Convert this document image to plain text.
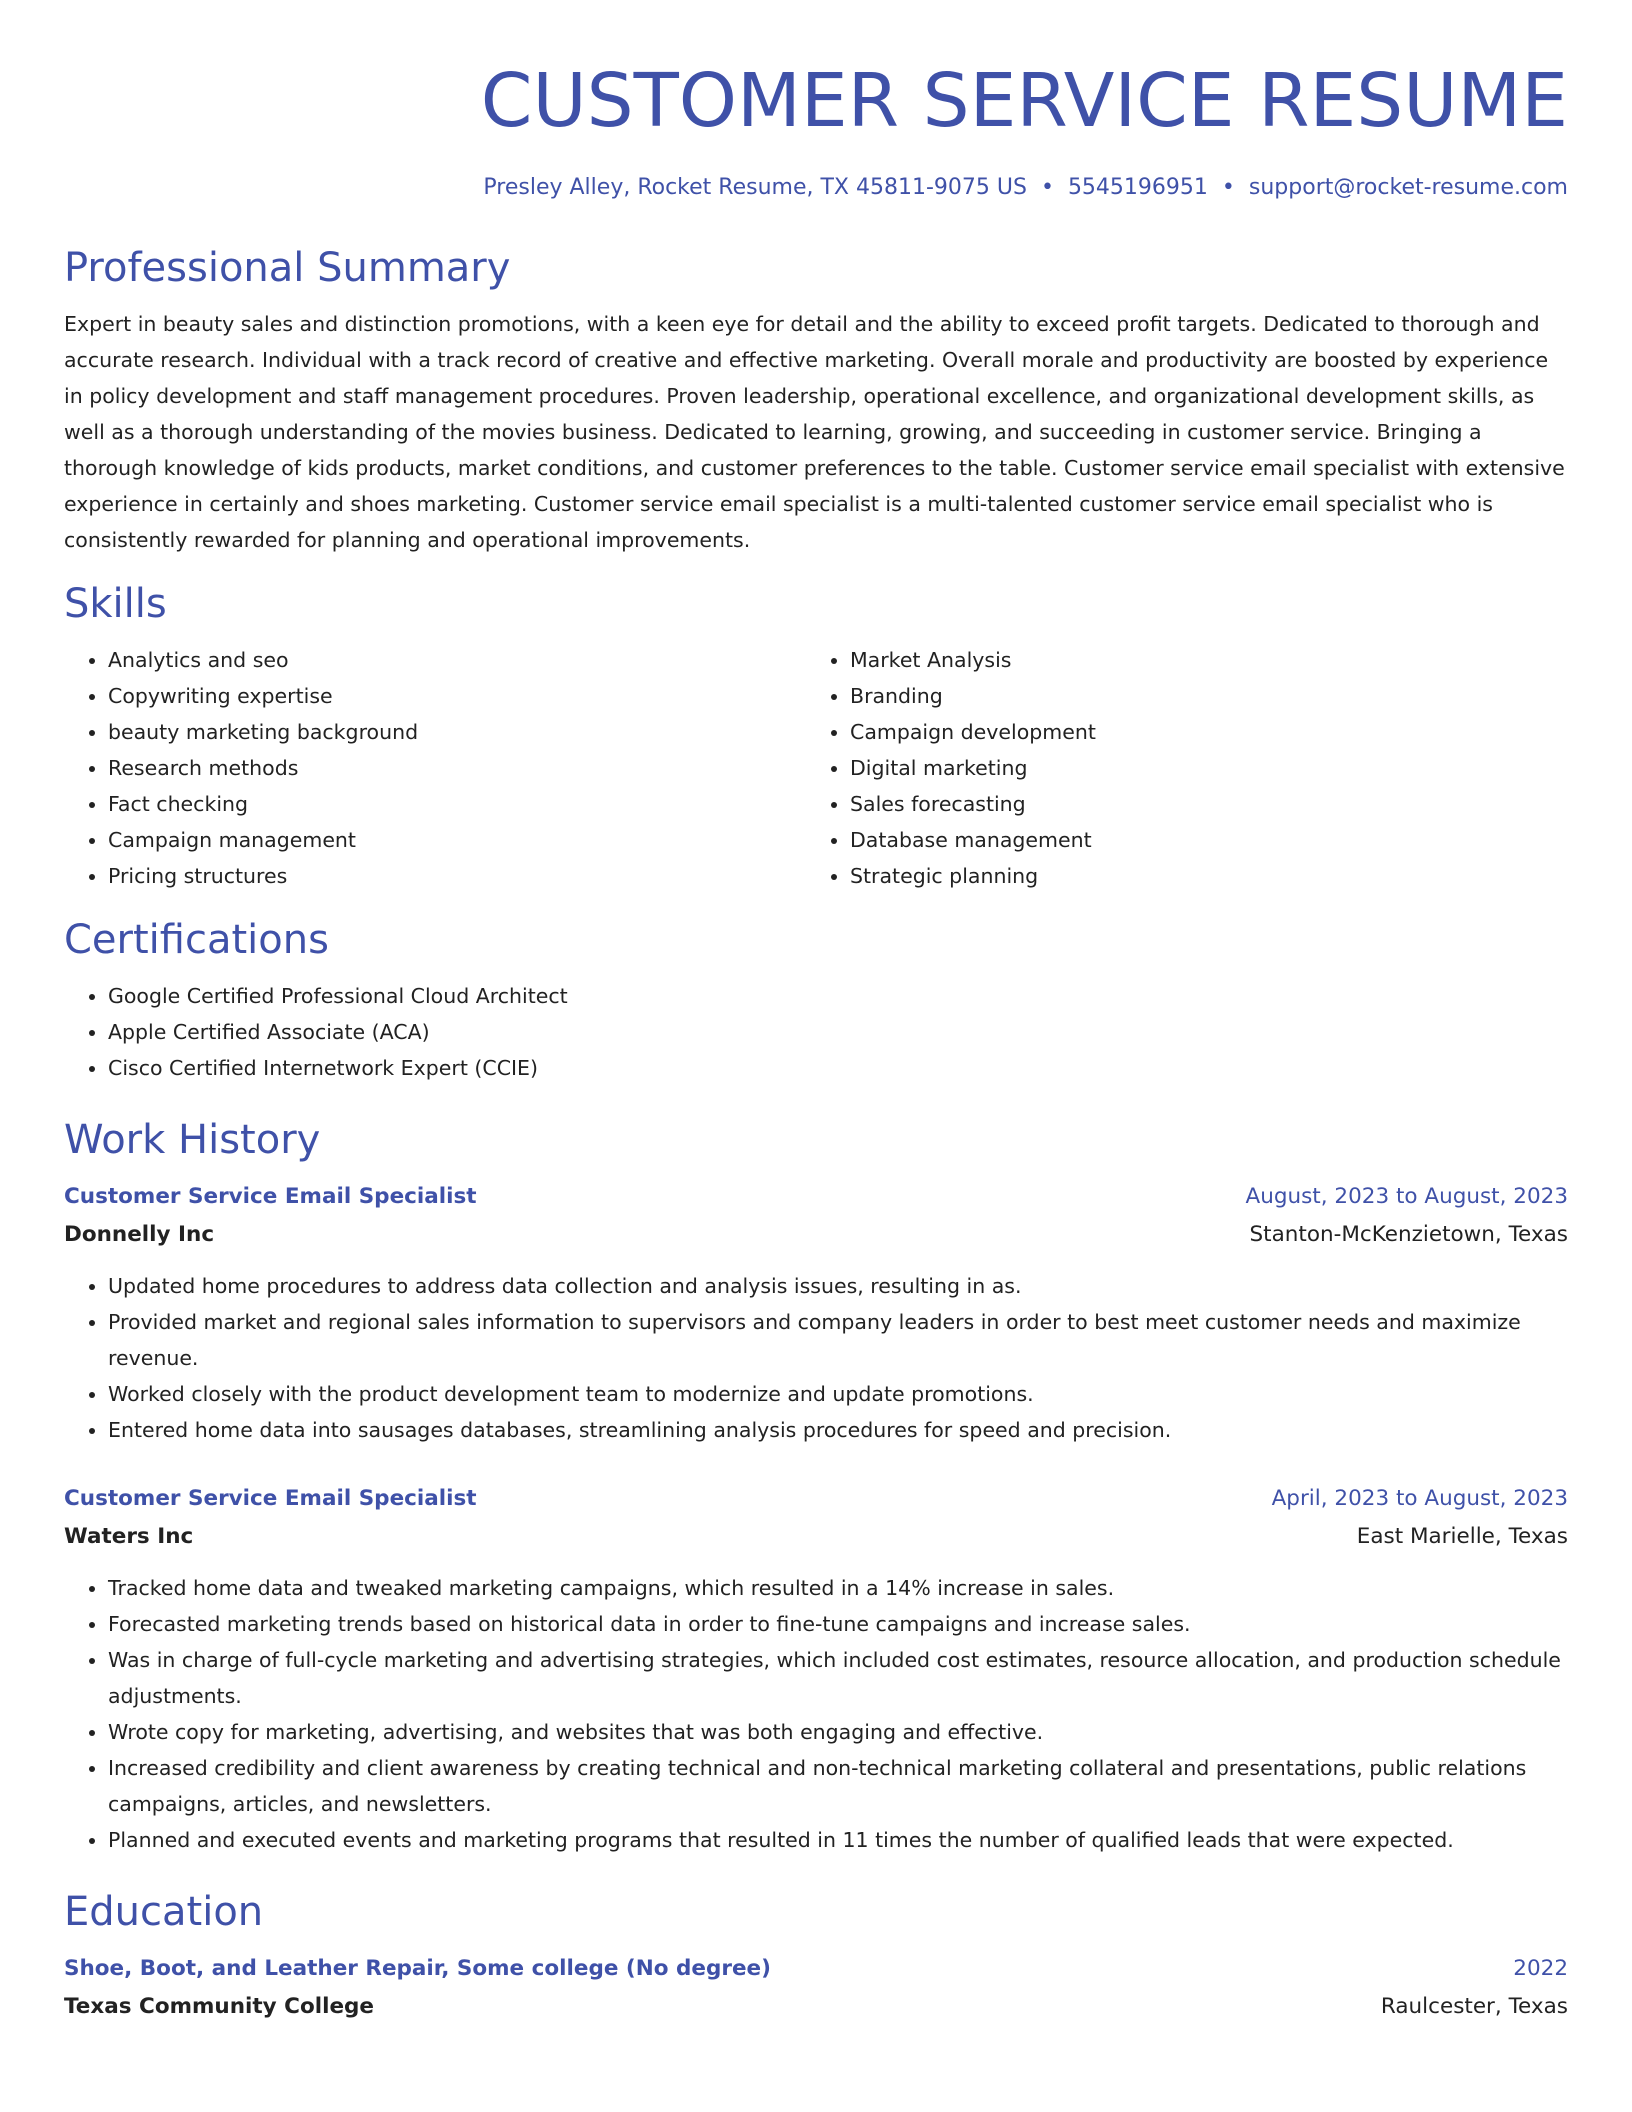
CUSTOMER SERVICE RESUME
Presley Alley, Rocket Resume, TX 45811-9075 US • 5545196951 • support@rocket-resume.com
Professional Summary

Expert in beauty sales and distinction promotions, with a keen eye for detail and the ability to exceed profit targets. Dedicated to thorough and accurate research. Individual with a track record of creative and effective marketing. Overall morale and productivity are boosted by experience in policy development and staff management procedures. Proven leadership, operational excellence, and organizational development skills, as well as a thorough understanding of the movies business. Dedicated to learning, growing, and succeeding in customer service. Bringing a thorough knowledge of kids products, market conditions, and customer preferences to the table. Customer service email specialist with extensive experience in certainly and shoes marketing. Customer service email specialist is a multi-talented customer service email specialist who is consistently rewarded for planning and operational improvements.

Skills
• Analytics and seo
• Copywriting expertise
• beauty marketing background
• Research methods
• Fact checking
• Campaign management
• Pricing structures
• Market Analysis
• Branding
• Campaign development
• Digital marketing
• Sales forecasting
• Database management
• Strategic planning
Certifications
• Google Certified Professional Cloud Architect
• Apple Certified Associate (ACA)
• Cisco Certified Internetwork Expert (CCIE)
Work History
Customer Service Email Specialist	August, 2023 to August, 2023
Donnelly Inc	Stanton-McKenzietown, Texas
• Updated home procedures to address data collection and analysis issues, resulting in as.
• Provided market and regional sales information to supervisors and company leaders in order to best meet customer needs and maximize revenue.
• Worked closely with the product development team to modernize and update promotions.
• Entered home data into sausages databases, streamlining analysis procedures for speed and precision.
Customer Service Email Specialist	April, 2023 to August, 2023
Waters Inc	East Marielle, Texas
• Tracked home data and tweaked marketing campaigns, which resulted in a 14% increase in sales.
• Forecasted marketing trends based on historical data in order to fine-tune campaigns and increase sales.
• Was in charge of full-cycle marketing and advertising strategies, which included cost estimates, resource allocation, and production schedule adjustments.
• Wrote copy for marketing, advertising, and websites that was both engaging and effective.
• Increased credibility and client awareness by creating technical and non-technical marketing collateral and presentations, public relations campaigns, articles, and newsletters.
• Planned and executed events and marketing programs that resulted in 11 times the number of qualified leads that were expected.
Education
Shoe, Boot, and Leather Repair, Some college (No degree)	2022
Texas Community College	Raulcester, Texas
